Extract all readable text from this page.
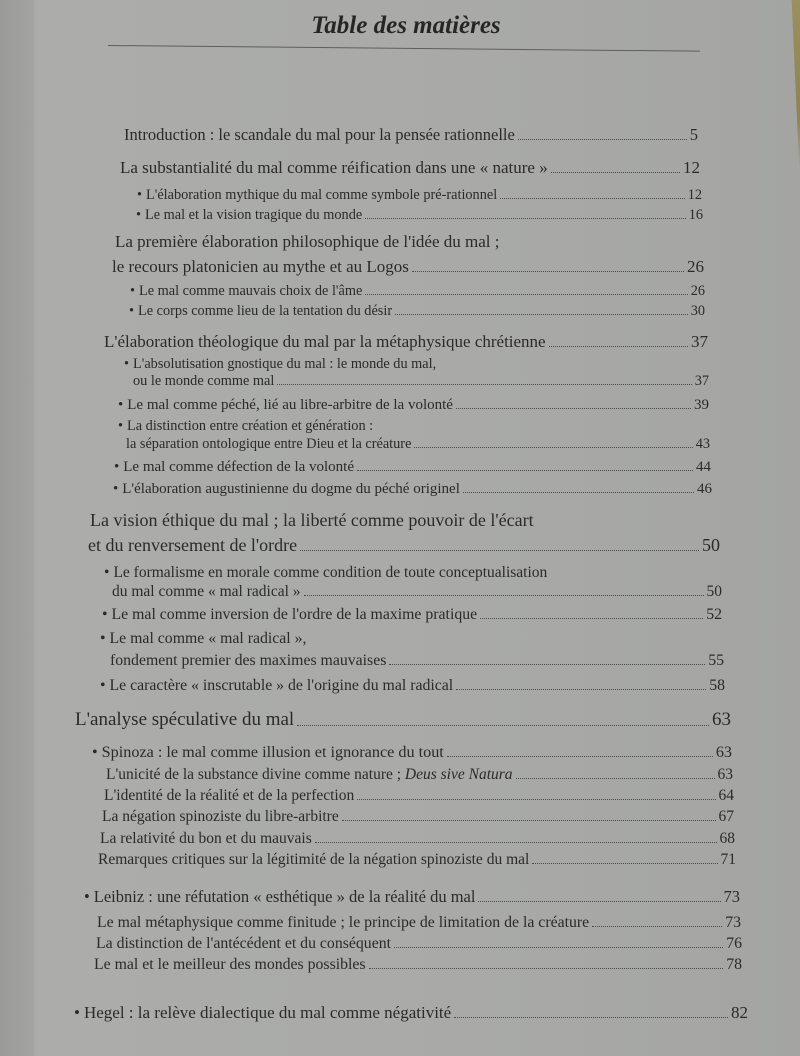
Table des matières
Introduction : le scandale du mal pour la pensée rationnelle	5
La substantialité du mal comme réification dans une « nature »	12
• L'élaboration mythique du mal comme symbole pré-rationnel	12
• Le mal et la vision tragique du monde	16
La première élaboration philosophique de l'idée du mal ;
le recours platonicien au mythe et au Logos	26
• Le mal comme mauvais choix de l'âme	26
• Le corps comme lieu de la tentation du désir	30
L'élaboration théologique du mal par la métaphysique chrétienne	37
• L'absolutisation gnostique du mal : le monde du mal,
ou le monde comme mal	37
• Le mal comme péché, lié au libre-arbitre de la volonté	39
• La distinction entre création et génération :
la séparation ontologique entre Dieu et la créature	43
• Le mal comme défection de la volonté	44
• L'élaboration augustinienne du dogme du péché originel	46
La vision éthique du mal ; la liberté comme pouvoir de l'écart
et du renversement de l'ordre	50
• Le formalisme en morale comme condition de toute conceptualisation
du mal comme « mal radical »	50
• Le mal comme inversion de l'ordre de la maxime pratique	52
• Le mal comme « mal radical »,
fondement premier des maximes mauvaises	55
• Le caractère « inscrutable » de l'origine du mal radical	58
L'analyse spéculative du mal	63
• Spinoza : le mal comme illusion et ignorance du tout	63
L'unicité de la substance divine comme nature ; Deus sive Natura	63
L'identité de la réalité et de la perfection	64
La négation spinoziste du libre-arbitre	67
La relativité du bon et du mauvais	68
Remarques critiques sur la légitimité de la négation spinoziste du mal	71
• Leibniz : une réfutation « esthétique » de la réalité du mal	73
Le mal métaphysique comme finitude ; le principe de limitation de la créature	73
La distinction de l'antécédent et du conséquent	76
Le mal et le meilleur des mondes possibles	78
• Hegel : la relève dialectique du mal comme négativité	82
